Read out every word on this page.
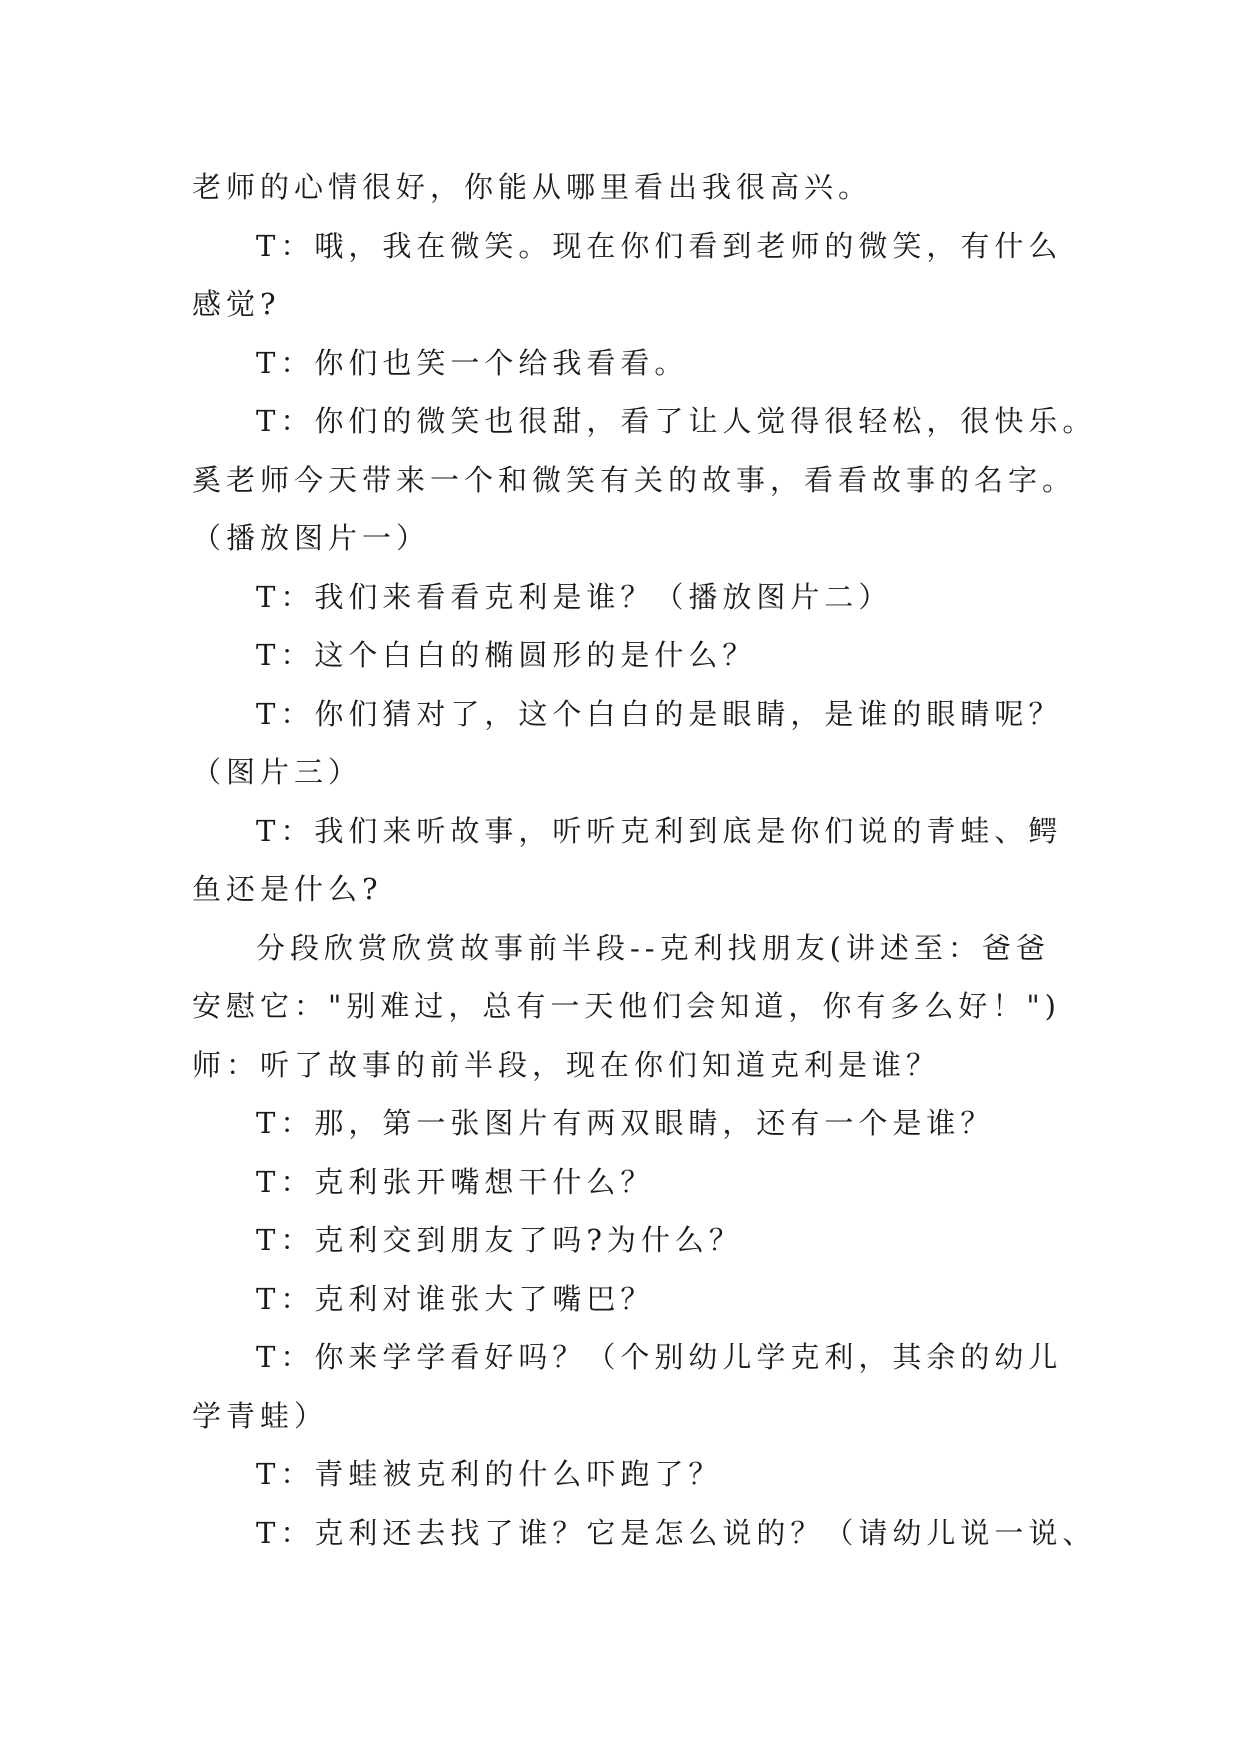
老师的心情很好，你能从哪里看出我很高兴。
T：哦，我在微笑。现在你们看到老师的微笑，有什么
感觉?
T：你们也笑一个给我看看。
T：你们的微笑也很甜，看了让人觉得很轻松，很快乐。
奚老师今天带来一个和微笑有关的故事，看看故事的名字。
（播放图片一）
T：我们来看看克利是谁？（播放图片二）
T：这个白白的椭圆形的是什么？
T：你们猜对了，这个白白的是眼睛，是谁的眼睛呢？
（图片三）
T：我们来听故事，听听克利到底是你们说的青蛙、鳄
鱼还是什么?
分段欣赏欣赏故事前半段--克利找朋友(讲述至：爸爸
安慰它："别难过，总有一天他们会知道，你有多么好！")
师：听了故事的前半段，现在你们知道克利是谁？
T：那，第一张图片有两双眼睛，还有一个是谁？
T：克利张开嘴想干什么？
T：克利交到朋友了吗?为什么？
T：克利对谁张大了嘴巴？
T：你来学学看好吗？（个别幼儿学克利，其余的幼儿
学青蛙）
T：青蛙被克利的什么吓跑了？
T：克利还去找了谁？它是怎么说的？（请幼儿说一说、
